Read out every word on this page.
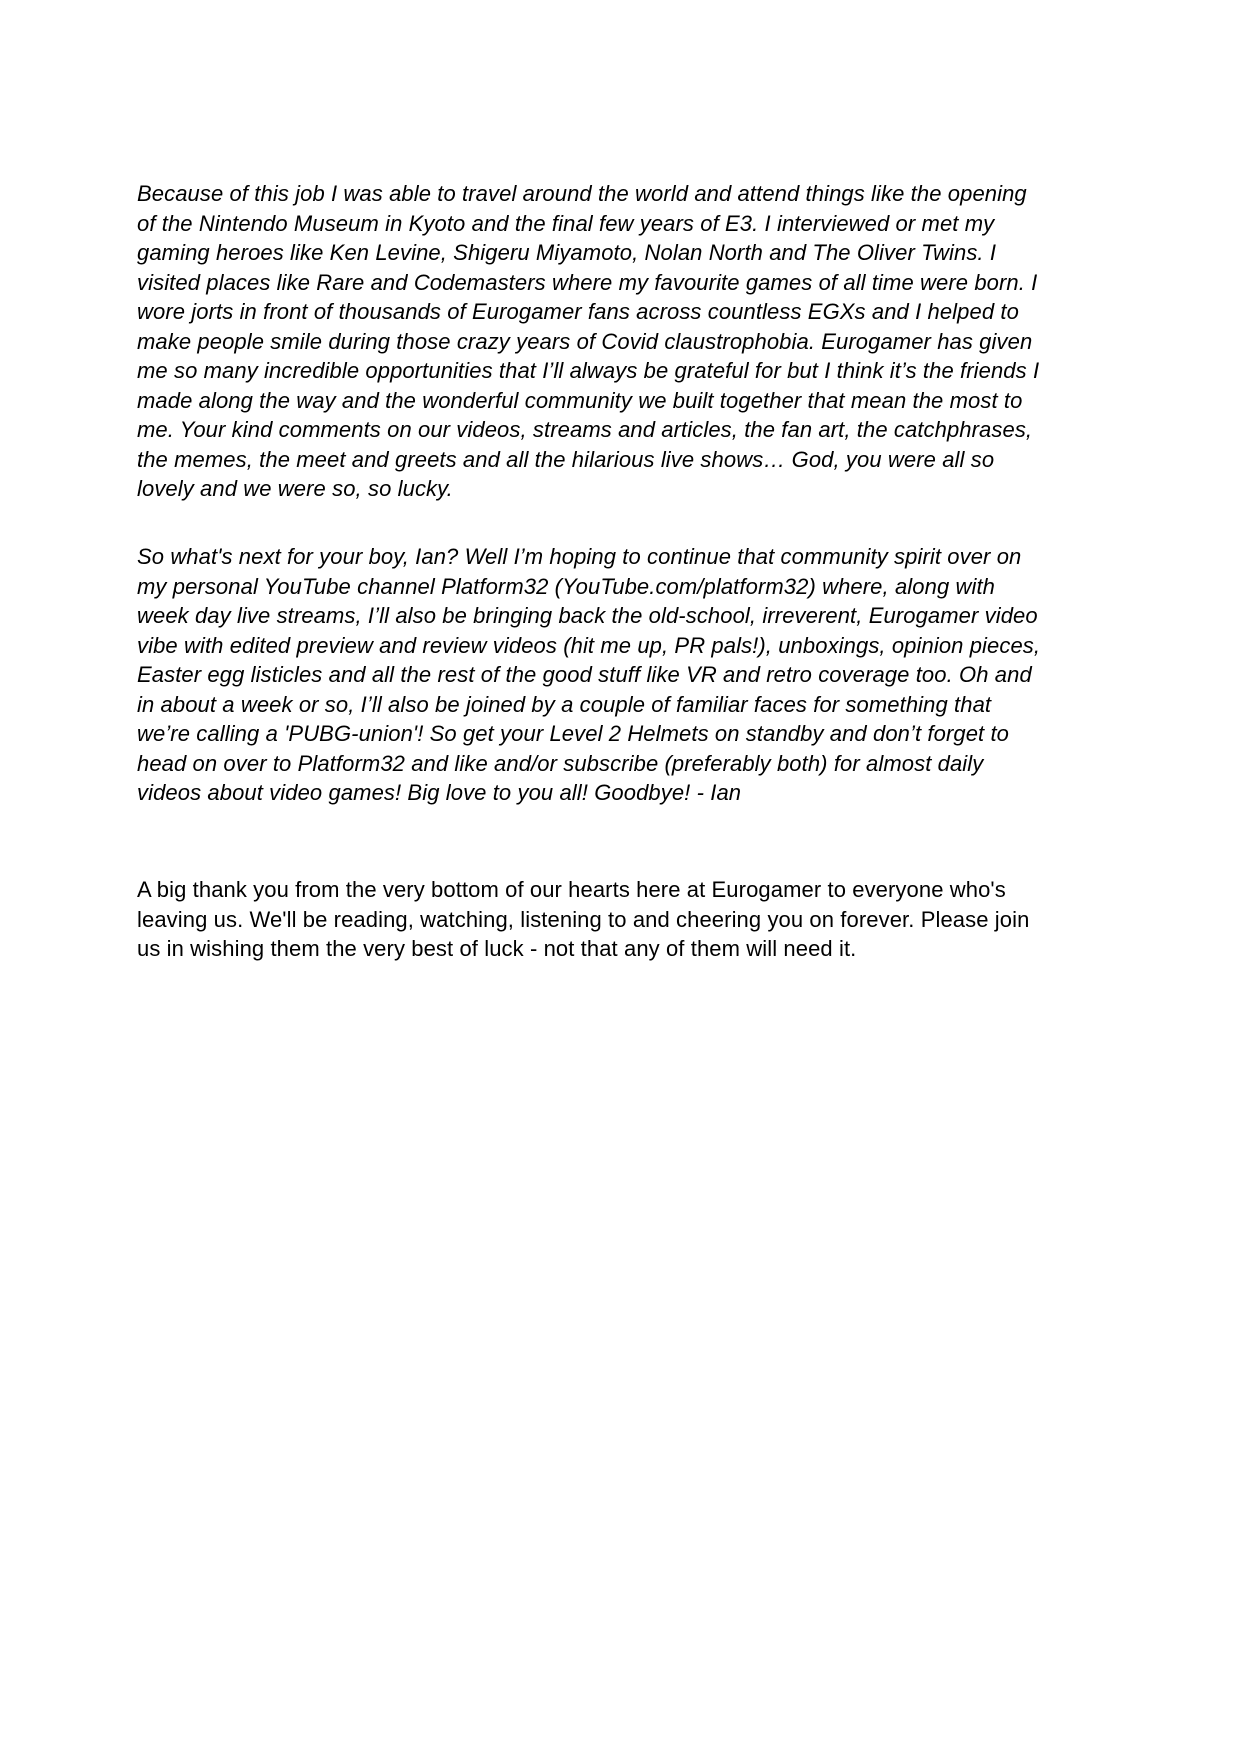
Because of this job I was able to travel around the world and attend things like the opening
of the Nintendo Museum in Kyoto and the final few years of E3. I interviewed or met my
gaming heroes like Ken Levine, Shigeru Miyamoto, Nolan North and The Oliver Twins. I
visited places like Rare and Codemasters where my favourite games of all time were born. I
wore jorts in front of thousands of Eurogamer fans across countless EGXs and I helped to
make people smile during those crazy years of Covid claustrophobia. Eurogamer has given
me so many incredible opportunities that I’ll always be grateful for but I think it’s the friends I
made along the way and the wonderful community we built together that mean the most to
me. Your kind comments on our videos, streams and articles, the fan art, the catchphrases,
the memes, the meet and greets and all the hilarious live shows… God, you were all so
lovely and we were so, so lucky.
So what's next for your boy, Ian? Well I’m hoping to continue that community spirit over on
my personal YouTube channel Platform32 (YouTube.com/platform32) where, along with
week day live streams, I’ll also be bringing back the old-school, irreverent, Eurogamer video
vibe with edited preview and review videos (hit me up, PR pals!), unboxings, opinion pieces,
Easter egg listicles and all the rest of the good stuff like VR and retro coverage too. Oh and
in about a week or so, I’ll also be joined by a couple of familiar faces for something that
we’re calling a 'PUBG-union'! So get your Level 2 Helmets on standby and don’t forget to
head on over to Platform32 and like and/or subscribe (preferably both) for almost daily
videos about video games! Big love to you all! Goodbye! - Ian
A big thank you from the very bottom of our hearts here at Eurogamer to everyone who's
leaving us. We'll be reading, watching, listening to and cheering you on forever. Please join
us in wishing them the very best of luck - not that any of them will need it.
